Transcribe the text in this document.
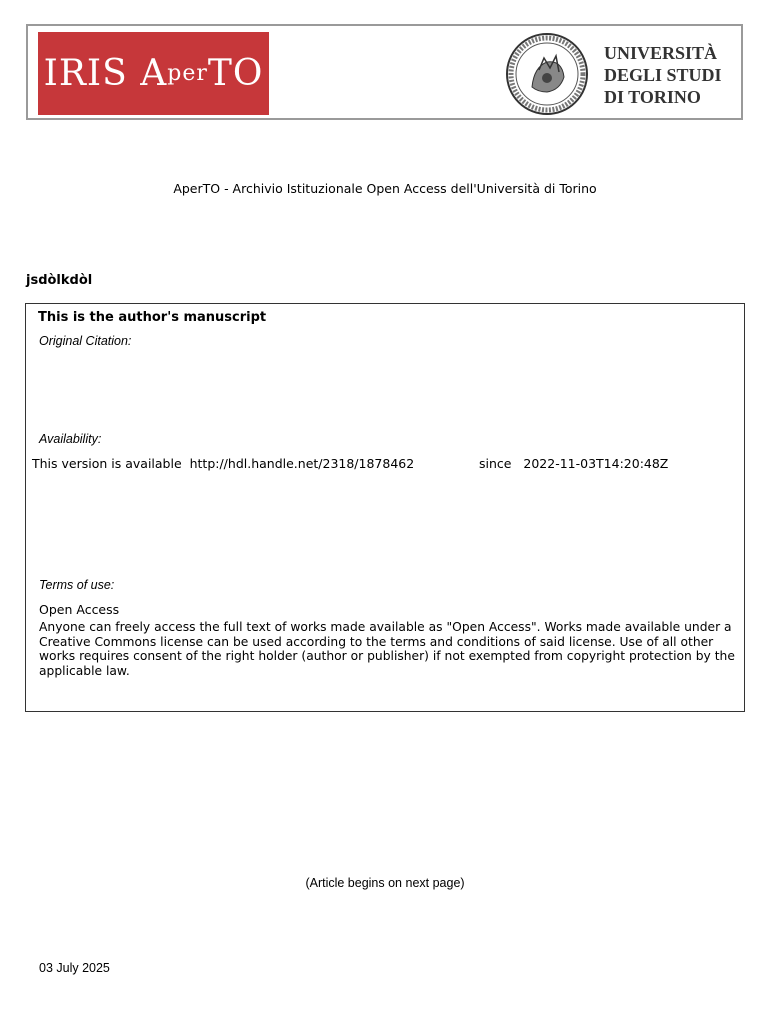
IRIS A per TO	UNIVERSITÀ
DEGLI STUDI
DI TORINO
AperTO - Archivio Istituzionale Open Access dell'Università di Torino
jsdòlkdòl
This is the author's manuscript
Original Citation:
Availability:
This version is available  http://hdl.handle.net/2318/1878462	since   2022-11-03T14:20:48Z
Terms of use:
Open Access
Anyone can freely access the full text of works made available as "Open Access". Works made available under a Creative Commons license can be used according to the terms and conditions of said license. Use of all other works requires consent of the right holder (author or publisher) if not exempted from copyright protection by the applicable law.
(Article begins on next page)
03 July 2025
